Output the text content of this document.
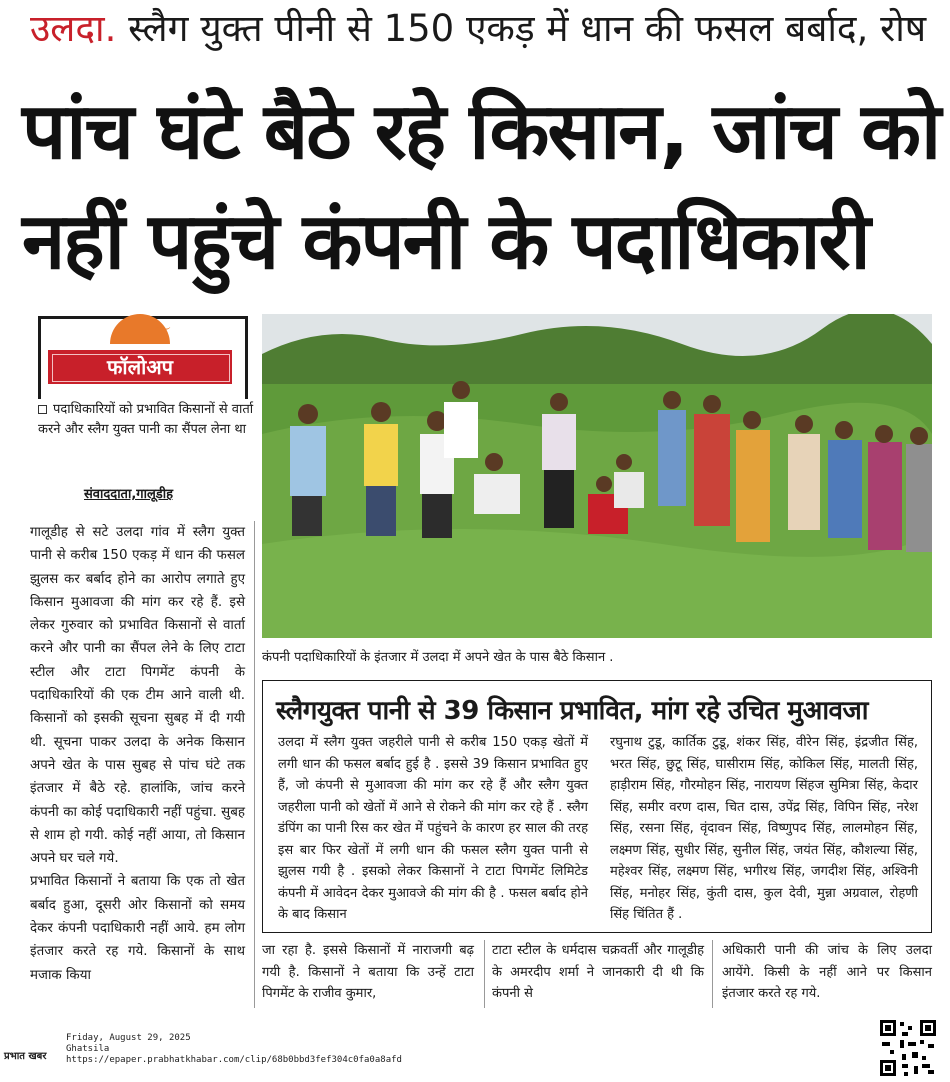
उलदा. स्लैग युक्त पीनी से 150 एकड़ में धान की फसल बर्बाद, रोष
पांच घंटे बैठे रहे किसान, जांच को
नहीं पहुंचे कंपनी के पदाधिकारी
〜
फॉलोअप
पदाधिकारियों को प्रभावित किसानों से वार्ता करने और स्लैग युक्त पानी का सैंपल लेना था
संवाददाता,गालूडीह

गालूडीह से सटे उलदा गांव में स्लैग युक्त पानी से करीब 150 एकड़ में धान की फसल झुलस कर बर्बाद होने का आरोप लगाते हुए किसान मुआवजा की मांग कर रहे हैं. इसे लेकर गुरुवार को प्रभावित किसानों से वार्ता करने और पानी का सैंपल लेने के लिए टाटा स्टील और टाटा पिगमेंट कंपनी के पदाधिकारियों की एक टीम आने वाली थी. किसानों को इसकी सूचना सुबह में दी गयी थी. सूचना पाकर उलदा के अनेक किसान अपने खेत के पास सुबह से पांच घंटे तक इंतजार में बैठे रहे. हालांकि, जांच करने कंपनी का कोई पदाधिकारी नहीं पहुंचा. सुबह से शाम हो गयी. कोई नहीं आया, तो किसान अपने घर चले गये.

प्रभावित किसानों ने बताया कि एक तो खेत बर्बाद हुआ, दूसरी ओर किसानों को समय देकर कंपनी पदाधिकारी नहीं आये. हम लोग इंतजार करते रह गये. किसानों के साथ मजाक किया

कंपनी पदाधिकारियों के इंतजार में उलदा में अपने खेत के पास बैठे किसान .
स्लैगयुक्त पानी से 39 किसान प्रभावित, मांग रहे उचित मुआवजा
उलदा में स्लैग युक्त जहरीले पानी से करीब 150 एकड़ खेतों में लगी धान की फसल बर्बाद हुई है . इससे 39 किसान प्रभावित हुए हैं, जो कंपनी से मुआवजा की मांग कर रहे हैं और स्लैग युक्त जहरीला पानी को खेतों में आने से रोकने की मांग कर रहे हैं . स्लैग डंपिंग का पानी रिस कर खेत में पहुंचने के कारण हर साल की तरह इस बार फिर खेतों में लगी धान की फसल स्लैग युक्त पानी से झुलस गयी है . इसको लेकर किसानों ने टाटा पिगमेंट लिमिटेड कंपनी में आवेदन देकर मुआवजे की मांग की है . फसल बर्बाद होने के बाद किसान
रघुनाथ टुडू, कार्तिक टुडू, शंकर सिंह, वीरेन सिंह, इंद्रजीत सिंह, भरत सिंह, छुटू सिंह, घासीराम सिंह, कोकिल सिंह, मालती सिंह, हाड़ीराम सिंह, गौरमोहन सिंह, नारायण सिंहज सुमित्रा सिंह, केदार सिंह, समीर वरण दास, चित दास, उपेंद्र सिंह, विपिन सिंह, नरेश सिंह, रसना सिंह, वृंदावन सिंह, विष्णुपद सिंह, लालमोहन सिंह, लक्ष्मण सिंह, सुधीर सिंह, सुनील सिंह, जयंत सिंह, कौशल्या सिंह, महेश्वर सिंह, लक्ष्मण सिंह, भगीरथ सिंह, जगदीश सिंह, अश्विनी सिंह, मनोहर सिंह, कुंती दास, कुल देवी, मुन्ना अग्रवाल, रोहणी सिंह चिंतित हैं .
जा रहा है. इससे किसानों में नाराजगी बढ़ गयी है. किसानों ने बताया कि उन्हें टाटा पिगमेंट के राजीव कुमार,
टाटा स्टील के धर्मदास चक्रवर्ती और गालूडीह के अमरदीप शर्मा ने जानकारी दी थी कि कंपनी से
अधिकारी पानी की जांच के लिए उलदा आयेंगे. किसी के नहीं आने पर किसान इंतजार करते रह गये.
प्रभात खबर
Friday, August 29, 2025
Ghatsila
https://epaper.prabhatkhabar.com/clip/68b0bbd3fef304c0fa0a8afd
